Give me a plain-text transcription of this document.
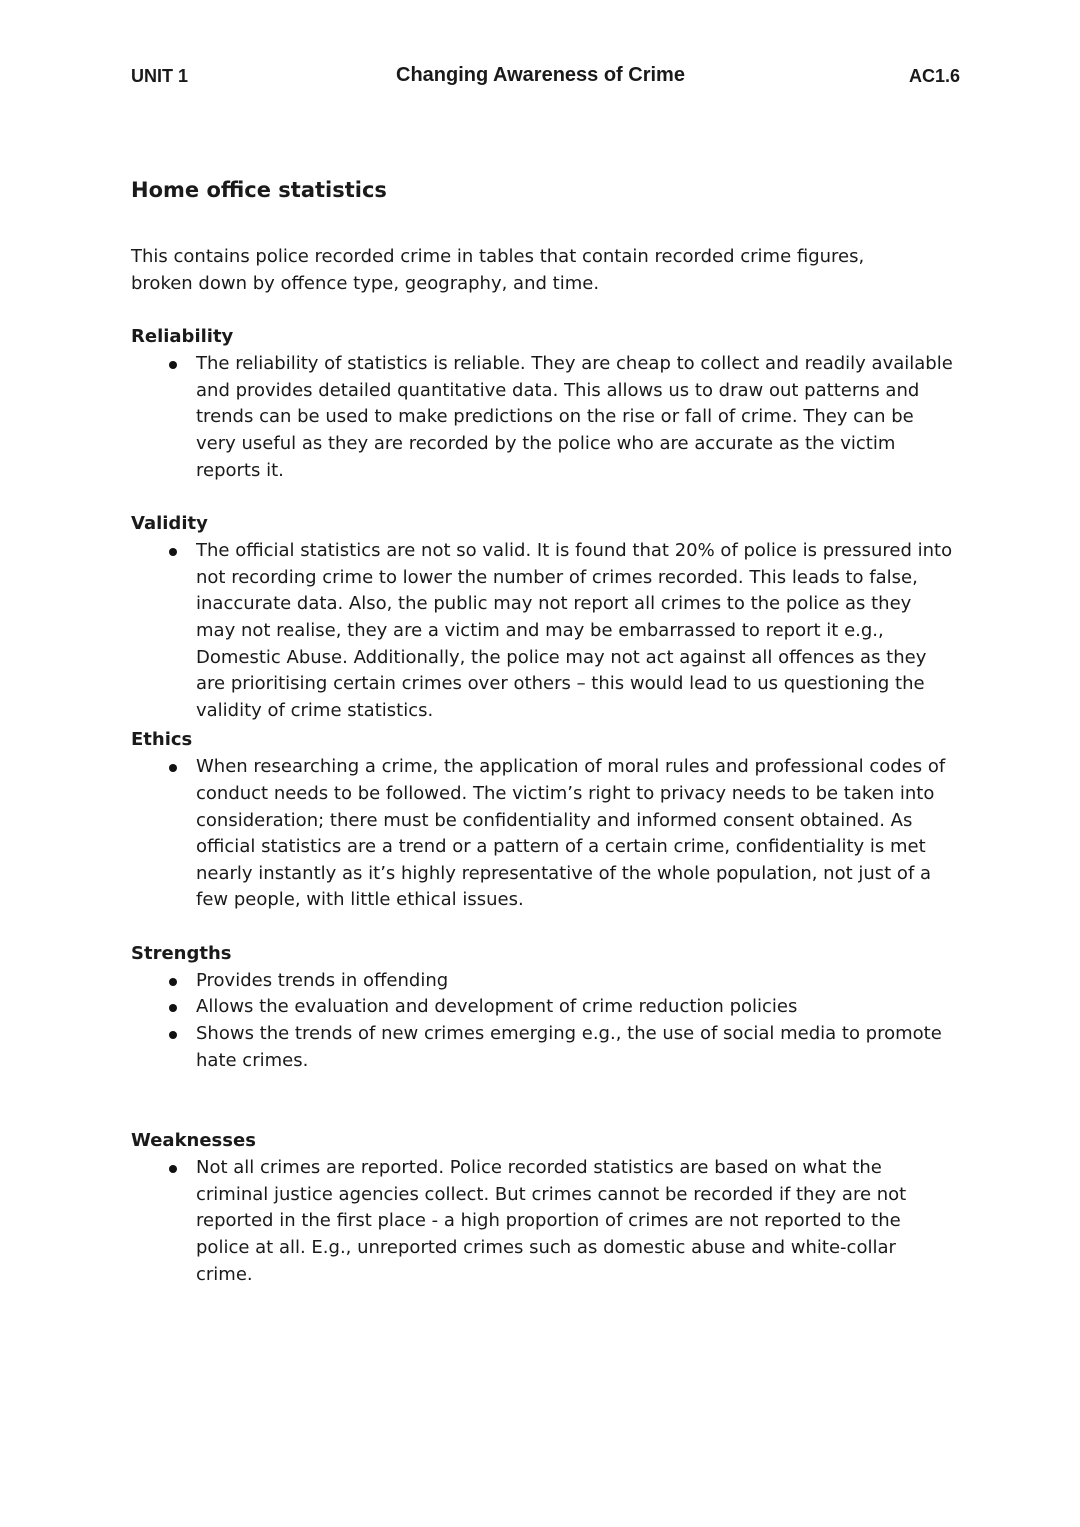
UNIT 1	Changing Awareness of Crime	AC1.6
Home office statistics

This contains police recorded crime in tables that contain recorded crime figures, broken down by offence type, geography, and time.

Reliability

The reliability of statistics is reliable. They are cheap to collect and readily available and provides detailed quantitative data. This allows us to draw out patterns and trends can be used to make predictions on the rise or fall of crime. They can be very useful as they are recorded by the police who are accurate as the victim reports it.

Validity

The official statistics are not so valid. It is found that 20% of police is pressured into not recording crime to lower the number of crimes recorded. This leads to false, inaccurate data. Also, the public may not report all crimes to the police as they may not realise, they are a victim and may be embarrassed to report it e.g., Domestic Abuse. Additionally, the police may not act against all offences as they are prioritising certain crimes over others – this would lead to us questioning the validity of crime statistics.

Ethics

When researching a crime, the application of moral rules and professional codes of conduct needs to be followed. The victim’s right to privacy needs to be taken into consideration; there must be confidentiality and informed consent obtained. As official statistics are a trend or a pattern of a certain crime, confidentiality is met nearly instantly as it’s highly representative of the whole population, not just of a few people, with little ethical issues.

Strengths

Provides trends in offending
Allows the evaluation and development of crime reduction policies
Shows the trends of new crimes emerging e.g., the use of social media to promote hate crimes.

Weaknesses

Not all crimes are reported. Police recorded statistics are based on what the criminal justice agencies collect. But crimes cannot be recorded if they are not reported in the first place - a high proportion of crimes are not reported to the police at all. E.g., unreported crimes such as domestic abuse and white-collar crime.
